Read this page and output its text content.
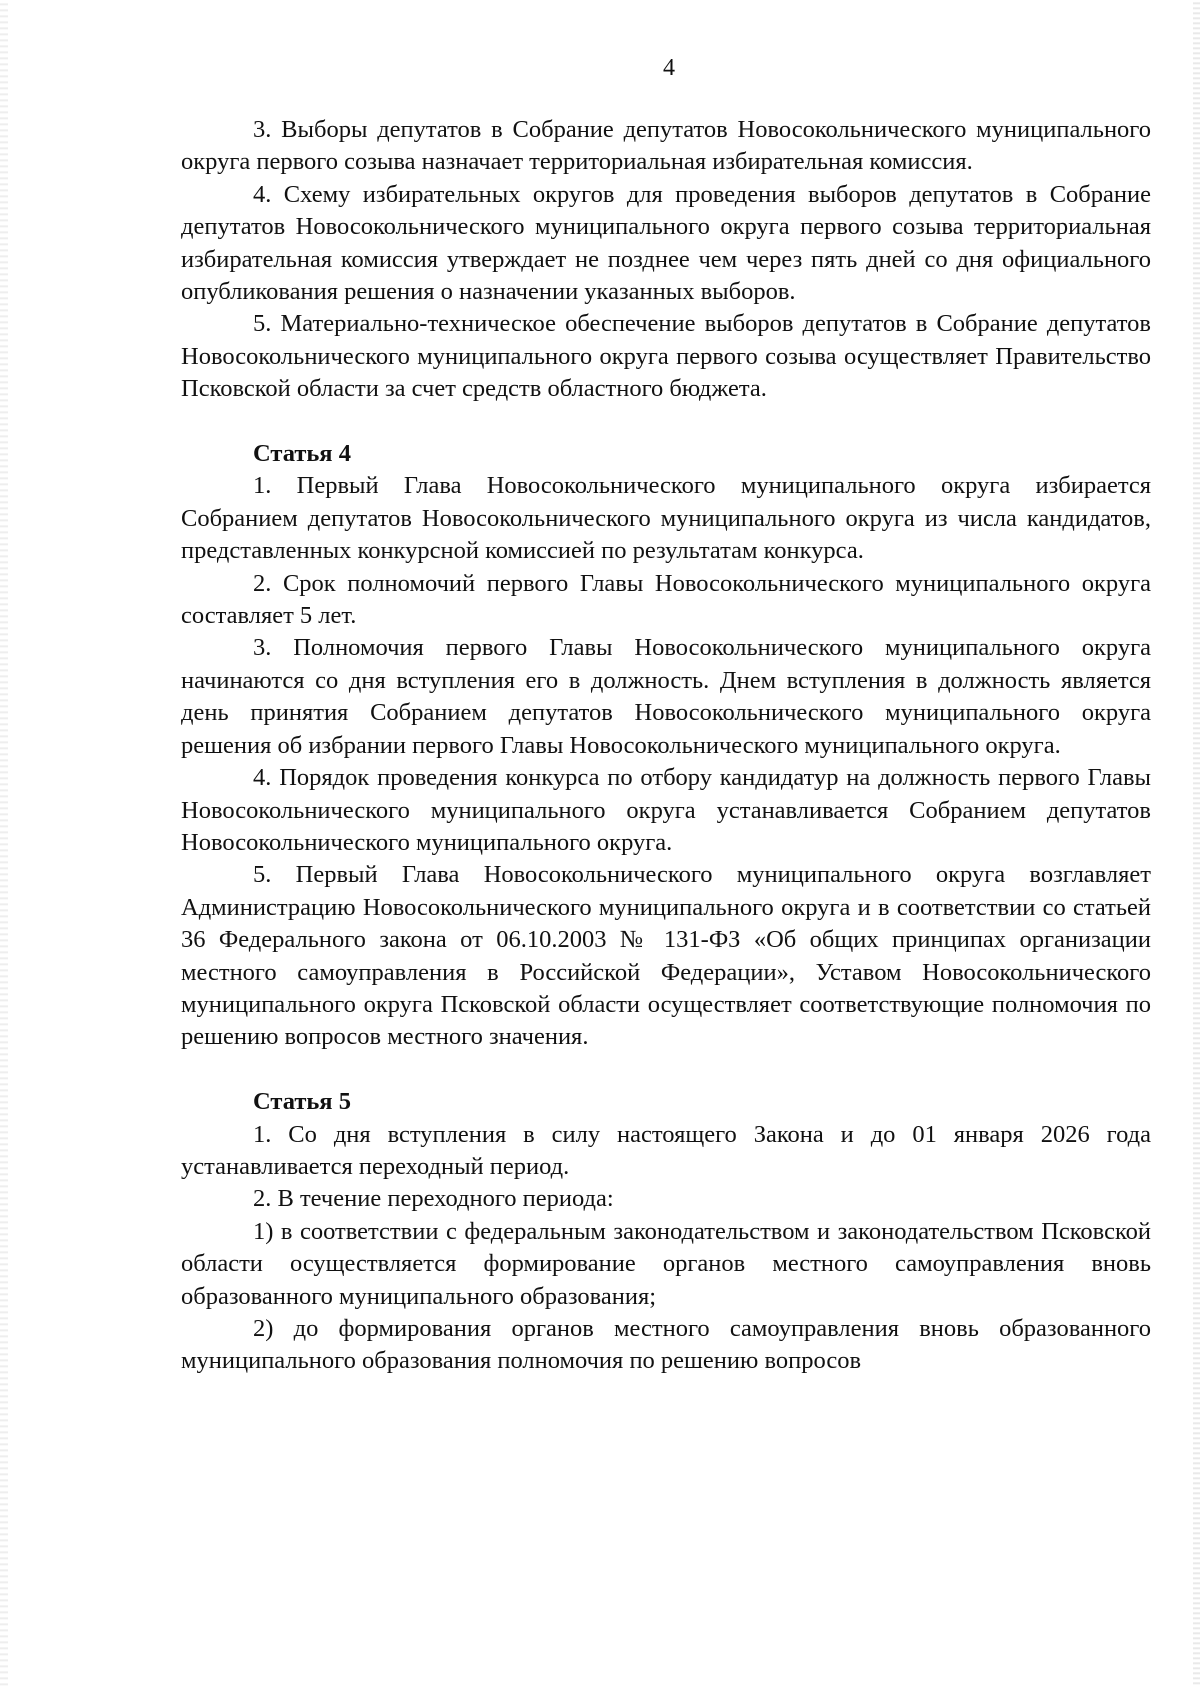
4

3. Выборы депутатов в Собрание депутатов Новосокольнического муниципального округа первого созыва назначает территориальная избирательная комиссия.

4. Схему избирательных округов для проведения выборов депутатов в Собрание депутатов Новосокольнического муниципального округа первого созыва территориальная избирательная комиссия утверждает не позднее чем через пять дней со дня официального опубликования решения о назначении указанных выборов.

5. Материально-техническое обеспечение выборов депутатов в Собрание депутатов Новосокольнического муниципального округа первого созыва осуществляет Правительство Псковской области за счет средств областного бюджета.

Статья 4

1. Первый Глава Новосокольнического муниципального округа избирается Собранием депутатов Новосокольнического муниципального округа из числа кандидатов, представленных конкурсной комиссией по результатам конкурса.

2. Срок полномочий первого Главы Новосокольнического муниципального округа составляет 5 лет.

3. Полномочия первого Главы Новосокольнического муниципального округа начинаются со дня вступления его в должность. Днем вступления в должность является день принятия Собранием депутатов Новосокольнического муниципального округа решения об избрании первого Главы Новосокольнического муниципального округа.

4. Порядок проведения конкурса по отбору кандидатур на должность первого Главы Новосокольнического муниципального округа устанавливается Собранием депутатов Новосокольнического муниципального округа.

5. Первый Глава Новосокольнического муниципального округа возглавляет Администрацию Новосокольнического муниципального округа и в соответствии со статьей 36 Федерального закона от 06.10.2003 № 131-ФЗ «Об общих принципах организации местного самоуправления в Российской Федерации», Уставом Новосокольнического муниципального округа Псковской области осуществляет соответствующие полномочия по решению вопросов местного значения.

Статья 5

1. Со дня вступления в силу настоящего Закона и до 01 января 2026 года устанавливается переходный период.

2. В течение переходного периода:

1) в соответствии с федеральным законодательством и законодательством Псковской области осуществляется формирование органов местного самоуправления вновь образованного муниципального образования;

2) до формирования органов местного самоуправления вновь образованного муниципального образования полномочия по решению вопросов
